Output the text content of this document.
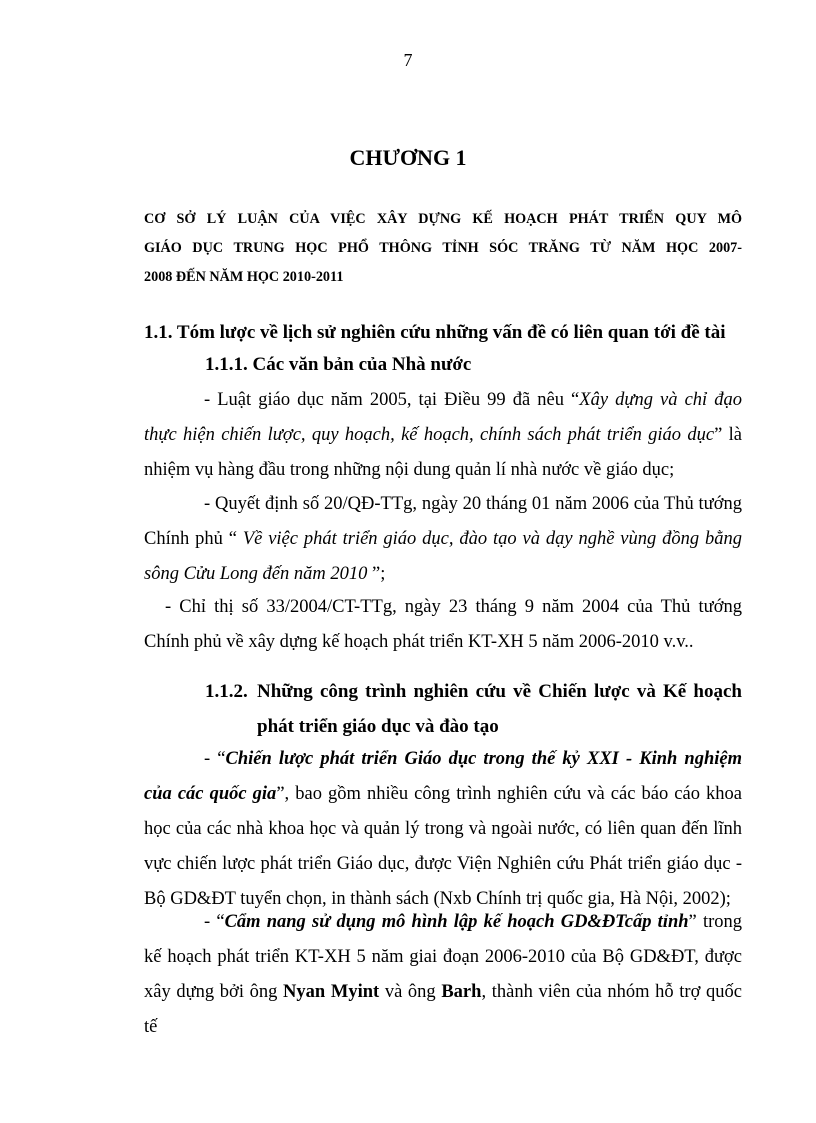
7
CHƯƠNG 1
CƠ SỞ LÝ LUẬN CỦA VIỆC XÂY DỰNG KẾ HOẠCH PHÁT TRIỂN QUY MÔ
GIÁO DỤC TRUNG HỌC PHỔ THÔNG TỈNH SÓC TRĂNG TỪ NĂM HỌC 2007-
2008 ĐẾN NĂM HỌC 2010-2011
1.1. Tóm lược về lịch sử nghiên cứu những vấn đề có liên quan tới đề tài
1.1.1. Các văn bản của Nhà nước

- Luật giáo dục năm 2005, tại Điều 99 đã nêu “Xây dựng và chỉ đạo thực hiện chiến lược, quy hoạch, kế hoạch, chính sách phát triển giáo dục” là nhiệm vụ hàng đầu trong những nội dung quản lí nhà nước về giáo dục;

- Quyết định số 20/QĐ-TTg, ngày 20 tháng 01 năm 2006 của Thủ tướng Chính phủ “ Về việc phát triển giáo dục, đào tạo và dạy nghề vùng đồng bằng sông Cửu Long đến năm 2010 ”;

- Chỉ thị số 33/2004/CT-TTg, ngày 23 tháng 9 năm 2004 của Thủ tướng Chính phủ về xây dựng kế hoạch phát triển KT-XH 5 năm 2006-2010 v.v..

1.1.2. Những công trình nghiên cứu về Chiến lược và Kế hoạch
phát triển giáo dục và đào tạo

- “Chiến lược phát triển Giáo dục trong thế kỷ XXI - Kinh nghiệm của các quốc gia”, bao gồm nhiều công trình nghiên cứu và các báo cáo khoa học của các nhà khoa học và quản lý trong và ngoài nước, có liên quan đến lĩnh vực chiến lược phát triển Giáo dục, được Viện Nghiên cứu Phát triển giáo dục - Bộ GD&ĐT tuyển chọn, in thành sách (Nxb Chính trị quốc gia, Hà Nội, 2002);

- “Cẩm nang sử dụng mô hình lập kế hoạch GD&ĐTcấp tỉnh” trong kế hoạch phát triển KT-XH 5 năm giai đoạn 2006-2010 của Bộ GD&ĐT, được xây dựng bởi ông Nyan Myint và ông Barh, thành viên của nhóm hỗ trợ quốc tế
